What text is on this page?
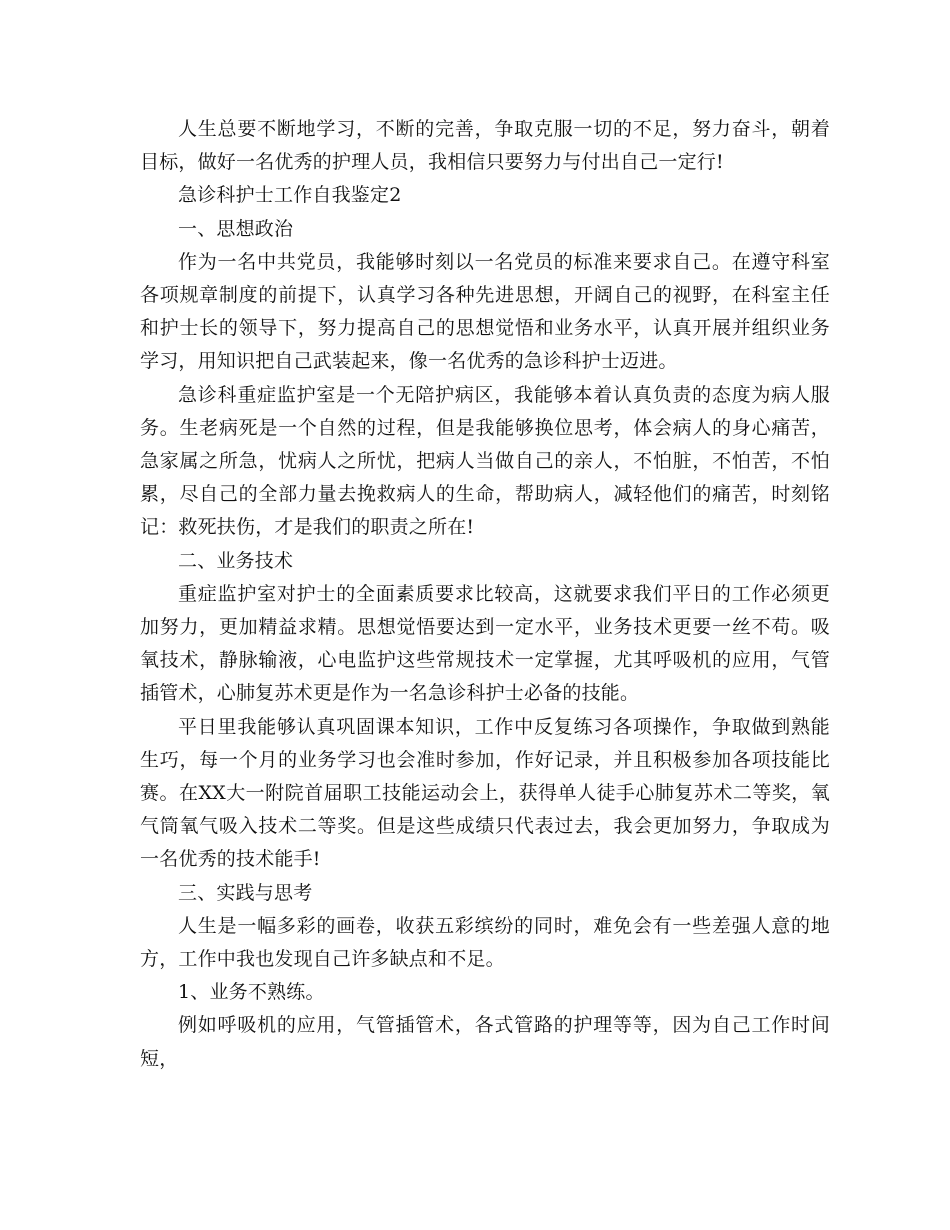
人生总要不断地学习，不断的完善，争取克服一切的不足，努力奋斗，朝着目标，做好一名优秀的护理人员，我相信只要努力与付出自己一定行!

急诊科护士工作自我鉴定2

一、思想政治

作为一名中共党员，我能够时刻以一名党员的标准来要求自己。在遵守科室各项规章制度的前提下，认真学习各种先进思想，开阔自己的视野，在科室主任和护士长的领导下，努力提高自己的思想觉悟和业务水平，认真开展并组织业务学习，用知识把自己武装起来，像一名优秀的急诊科护士迈进。

急诊科重症监护室是一个无陪护病区，我能够本着认真负责的态度为病人服务。生老病死是一个自然的过程，但是我能够换位思考，体会病人的身心痛苦，急家属之所急，忧病人之所忧，把病人当做自己的亲人，不怕脏，不怕苦，不怕累，尽自己的全部力量去挽救病人的生命，帮助病人，减轻他们的痛苦，时刻铭记：救死扶伤，才是我们的职责之所在!

二、业务技术

重症监护室对护士的全面素质要求比较高，这就要求我们平日的工作必须更加努力，更加精益求精。思想觉悟要达到一定水平，业务技术更要一丝不苟。吸氧技术，静脉输液，心电监护这些常规技术一定掌握，尤其呼吸机的应用，气管插管术，心肺复苏术更是作为一名急诊科护士必备的技能。

平日里我能够认真巩固课本知识，工作中反复练习各项操作，争取做到熟能生巧，每一个月的业务学习也会准时参加，作好记录，并且积极参加各项技能比赛。在XX大一附院首届职工技能运动会上，获得单人徒手心肺复苏术二等奖，氧气筒氧气吸入技术二等奖。但是这些成绩只代表过去，我会更加努力，争取成为一名优秀的技术能手!

三、实践与思考

人生是一幅多彩的画卷，收获五彩缤纷的同时，难免会有一些差强人意的地方，工作中我也发现自己许多缺点和不足。

1、业务不熟练。

例如呼吸机的应用，气管插管术，各式管路的护理等等，因为自己工作时间短，
